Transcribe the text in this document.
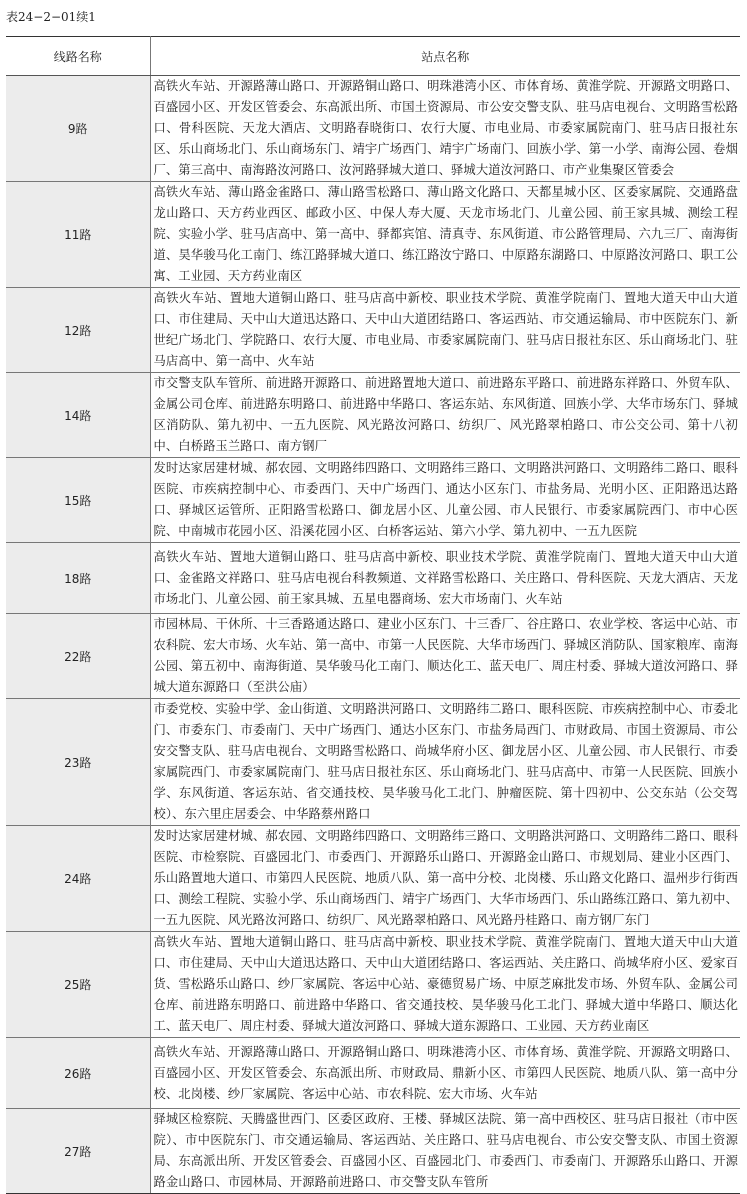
表24−2−01续1
线路名称	站点名称
9路	高铁火车站、开源路薄山路口、开源路铜山路口、明珠港湾小区、市体育场、黄淮学院、开源路文明路口、百盛园小区、开发区管委会、东高派出所、市国土资源局、市公安交警支队、驻马店电视台、文明路雪松路口、骨科医院、天龙大酒店、文明路春晓街口、农行大厦、市电业局、市委家属院南门、驻马店日报社东区、乐山商场北门、乐山商场东门、靖宇广场西门、靖宇广场南门、回族小学、第一小学、南海公园、卷烟厂、第三高中、南海路汝河路口、汝河路驿城大道口、驿城大道汝河路口、市产业集聚区管委会
11路	高铁火车站、薄山路金雀路口、薄山路雪松路口、薄山路文化路口、天都星城小区、区委家属院、交通路盘龙山路口、天方药业西区、邮政小区、中保人寿大厦、天龙市场北门、儿童公园、前王家具城、测绘工程院、实验小学、驻马店高中、第一高中、驿都宾馆、清真寺、东风街道、市公路管理局、六九三厂、南海街道、昊华骏马化工南门、练江路驿城大道口、练江路汝宁路口、中原路东湖路口、中原路汝河路口、职工公寓、工业园、天方药业南区
12路	高铁火车站、置地大道铜山路口、驻马店高中新校、职业技术学院、黄淮学院南门、置地大道天中山大道口、市住建局、天中山大道迅达路口、天中山大道团结路口、客运西站、市交通运输局、市中医院东门、新世纪广场北门、学院路口、农行大厦、市电业局、市委家属院南门、驻马店日报社东区、乐山商场北门、驻马店高中、第一高中、火车站
14路	市交警支队车管所、前进路开源路口、前进路置地大道口、前进路东平路口、前进路东祥路口、外贸车队、金属公司仓库、前进路东明路口、前进路中华路口、客运东站、东风街道、回族小学、大华市场东门、驿城区消防队、第九初中、一五九医院、风光路汝河路口、纺织厂、风光路翠柏路口、市公交公司、第十八初中、白桥路玉兰路口、南方钢厂
15路	发时达家居建材城、郝农园、文明路纬四路口、文明路纬三路口、文明路洪河路口、文明路纬二路口、眼科医院、市疾病控制中心、市委西门、天中广场西门、通达小区东门、市盐务局、光明小区、正阳路迅达路口、驿城区运管所、正阳路雪松路口、御龙居小区、儿童公园、市人民银行、市委家属院西门、市中心医院、中南城市花园小区、沿溪花园小区、白桥客运站、第六小学、第九初中、一五九医院
18路	高铁火车站、置地大道铜山路口、驻马店高中新校、职业技术学院、黄淮学院南门、置地大道天中山大道口、金雀路文祥路口、驻马店电视台科教频道、文祥路雪松路口、关庄路口、骨科医院、天龙大酒店、天龙市场北门、儿童公园、前王家具城、五星电器商场、宏大市场南门、火车站
22路	市园林局、干休所、十三香路通达路口、建业小区东门、十三香厂、谷庄路口、农业学校、客运中心站、市农科院、宏大市场、火车站、第一高中、市第一人民医院、大华市场西门、驿城区消防队、国家粮库、南海公园、第五初中、南海街道、昊华骏马化工南门、顺达化工、蓝天电厂、周庄村委、驿城大道汝河路口、驿城大道东源路口（至洪公庙）
23路	市委党校、实验中学、金山街道、文明路洪河路口、文明路纬二路口、眼科医院、市疾病控制中心、市委北门、市委东门、市委南门、天中广场西门、通达小区东门、市盐务局西门、市财政局、市国土资源局、市公安交警支队、驻马店电视台、文明路雪松路口、尚城华府小区、御龙居小区、儿童公园、市人民银行、市委家属院西门、市委家属院南门、驻马店日报社东区、乐山商场北门、驻马店高中、市第一人民医院、回族小学、东风街道、客运东站、省交通技校、昊华骏马化工北门、肿瘤医院、第十四初中、公交东站（公交驾校）、东六里庄居委会、中华路蔡州路口
24路	发时达家居建材城、郝农园、文明路纬四路口、文明路纬三路口、文明路洪河路口、文明路纬二路口、眼科医院、市检察院、百盛园北门、市委西门、开源路乐山路口、开源路金山路口、市规划局、建业小区西门、乐山路置地大道口、市第四人民医院、地质八队、第一高中分校、北岗楼、乐山路文化路口、温州步行街西口、测绘工程院、实验小学、乐山商场西门、靖宇广场西门、大华市场西门、乐山路练江路口、第九初中、一五九医院、风光路汝河路口、纺织厂、风光路翠柏路口、风光路丹桂路口、南方钢厂东门
25路	高铁火车站、置地大道铜山路口、驻马店高中新校、职业技术学院、黄淮学院南门、置地大道天中山大道口、市住建局、天中山大道迅达路口、天中山大道团结路口、客运西站、关庄路口、尚城华府小区、爱家百货、雪松路乐山路口、纱厂家属院、客运中心站、豪德贸易广场、中原芝麻批发市场、外贸车队、金属公司仓库、前进路东明路口、前进路中华路口、省交通技校、昊华骏马化工北门、驿城大道中华路口、顺达化工、蓝天电厂、周庄村委、驿城大道汝河路口、驿城大道东源路口、工业园、天方药业南区
26路	高铁火车站、开源路薄山路口、开源路铜山路口、明珠港湾小区、市体育场、黄淮学院、开源路文明路口、百盛园小区、开发区管委会、东高派出所、市财政局、鼎新小区、市第四人民医院、地质八队、第一高中分校、北岗楼、纱厂家属院、客运中心站、市农科院、宏大市场、火车站
27路	驿城区检察院、天腾盛世西门、区委区政府、王楼、驿城区法院、第一高中西校区、驻马店日报社（市中医院）、市中医院东门、市交通运输局、客运西站、关庄路口、驻马店电视台、市公安交警支队、市国土资源局、东高派出所、开发区管委会、百盛园小区、百盛园北门、市委西门、市委南门、开源路乐山路口、开源路金山路口、市园林局、开源路前进路口、市交警支队车管所
